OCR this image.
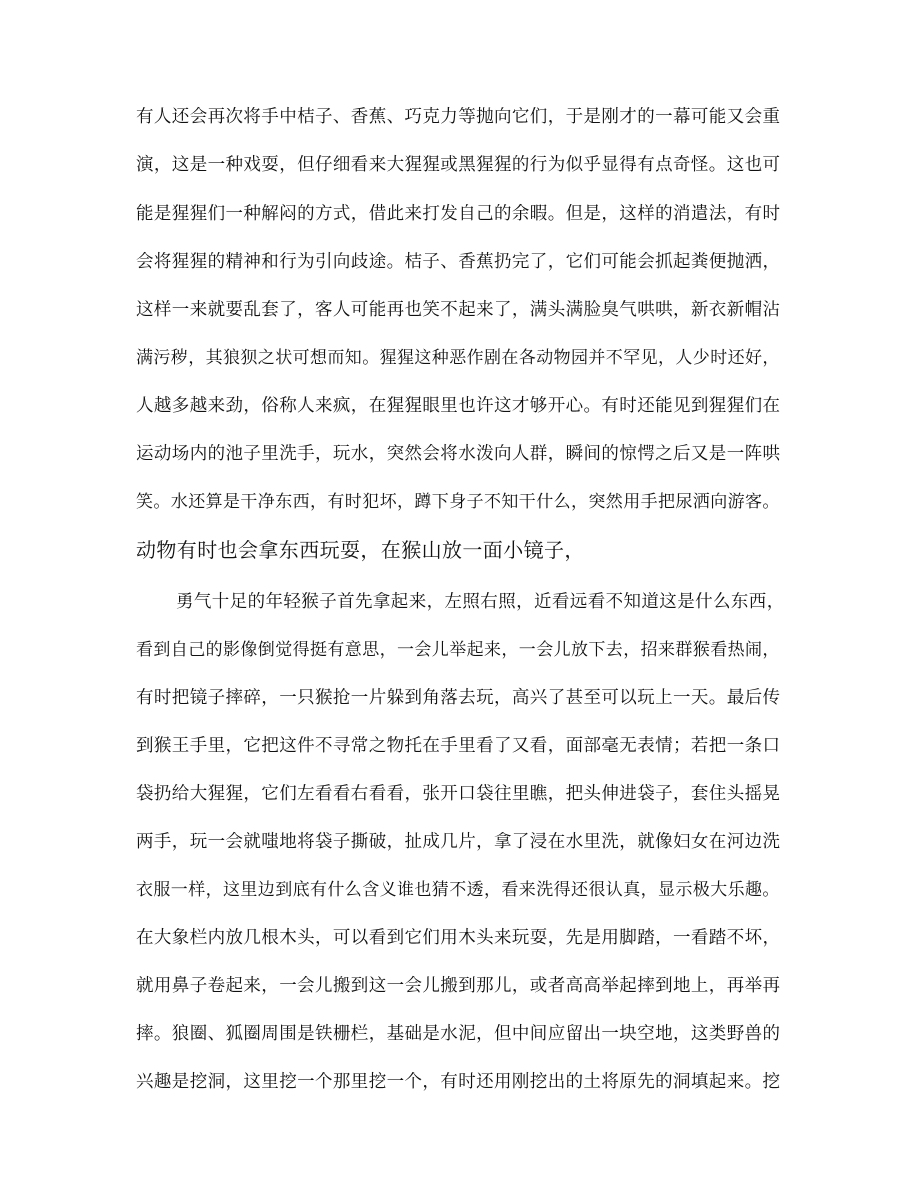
有人还会再次将手中桔子、香蕉、巧克力等抛向它们，于是刚才的一幕可能又会重
演，这是一种戏耍，但仔细看来大猩猩或黑猩猩的行为似乎显得有点奇怪。这也可
能是猩猩们一种解闷的方式，借此来打发自己的余暇。但是，这样的消遣法，有时
会将猩猩的精神和行为引向歧途。桔子、香蕉扔完了，它们可能会抓起粪便抛洒，
这样一来就要乱套了，客人可能再也笑不起来了，满头满脸臭气哄哄，新衣新帽沾
满污秽，其狼狈之状可想而知。猩猩这种恶作剧在各动物园并不罕见，人少时还好，
人越多越来劲，俗称人来疯，在猩猩眼里也许这才够开心。有时还能见到猩猩们在
运动场内的池子里洗手，玩水，突然会将水泼向人群，瞬间的惊愕之后又是一阵哄
笑。水还算是干净东西，有时犯坏，蹲下身子不知干什么，突然用手把尿洒向游客。
动物有时也会拿东西玩耍，在猴山放一面小镜子，
勇气十足的年轻猴子首先拿起来，左照右照，近看远看不知道这是什么东西，
看到自己的影像倒觉得挺有意思，一会儿举起来，一会儿放下去，招来群猴看热闹，
有时把镜子摔碎，一只猴抢一片躲到角落去玩，高兴了甚至可以玩上一天。最后传
到猴王手里，它把这件不寻常之物托在手里看了又看，面部毫无表情；若把一条口
袋扔给大猩猩，它们左看看右看看，张开口袋往里瞧，把头伸进袋子，套住头摇晃
两手，玩一会就嗤地将袋子撕破，扯成几片，拿了浸在水里洗，就像妇女在河边洗
衣服一样，这里边到底有什么含义谁也猜不透，看来洗得还很认真，显示极大乐趣。
在大象栏内放几根木头，可以看到它们用木头来玩耍，先是用脚踏，一看踏不坏，
就用鼻子卷起来，一会儿搬到这一会儿搬到那儿，或者高高举起摔到地上，再举再
摔。狼圈、狐圈周围是铁栅栏，基础是水泥，但中间应留出一块空地，这类野兽的
兴趣是挖洞，这里挖一个那里挖一个，有时还用刚挖出的土将原先的洞填起来。挖
